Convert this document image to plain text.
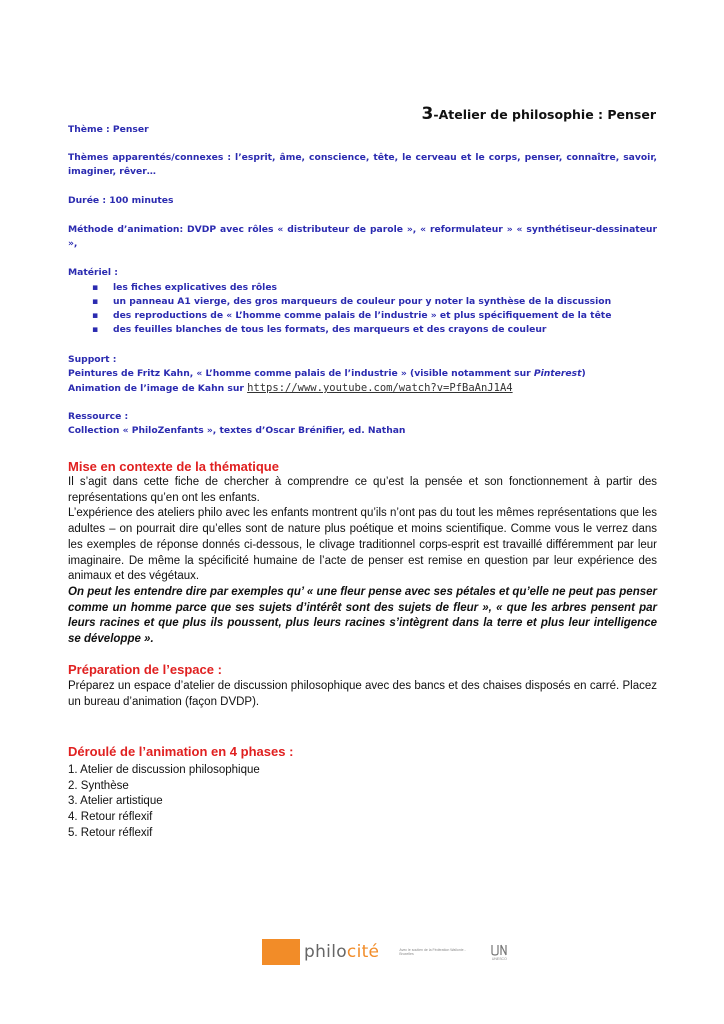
3-Atelier de philosophie : Penser
Thème : Penser
Thèmes apparentés/connexes : l’esprit, âme, conscience, tête, le cerveau et le corps, penser, connaître, savoir, imaginer, rêver…
Durée : 100 minutes
Méthode d’animation: DVDP avec rôles « distributeur de parole », « reformulateur » « synthétiseur-dessinateur »,
Matériel :
▪ les fiches explicatives des rôles
▪ un panneau A1 vierge, des gros marqueurs de couleur pour y noter la synthèse de la discussion
▪ des reproductions de « L’homme comme palais de l’industrie » et plus spécifiquement de la tête
▪ des feuilles blanches de tous les formats, des marqueurs et des crayons de couleur

Support :

Peintures de Fritz Kahn, « L’homme comme palais de l’industrie » (visible notamment sur Pinterest)

Animation de l’image de Kahn sur https://www.youtube.com/watch?v=PfBaAnJ1A4

Ressource :

Collection « PhiloZenfants », textes d’Oscar Brénifier, ed. Nathan

Mise en contexte de la thématique

Il s’agit dans cette fiche de chercher à comprendre ce qu’est la pensée et son fonctionnement à partir des représentations qu’en ont les enfants.

L’expérience des ateliers philo avec les enfants montrent qu’ils n’ont pas du tout les mêmes représentations que les adultes – on pourrait dire qu’elles sont de nature plus poétique et moins scientifique. Comme vous le verrez dans les exemples de réponse donnés ci-dessous, le clivage traditionnel corps-esprit est travaillé différemment par leur imaginaire. De même la spécificité humaine de l’acte de penser est remise en question par leur expérience des animaux et des végétaux.

On peut les entendre dire par exemples qu’ « une fleur pense avec ses pétales et qu’elle ne peut pas penser comme un homme parce que ses sujets d’intérêt sont des sujets de fleur », « que les arbres pensent par leurs racines et que plus ils poussent, plus leurs racines s’intègrent dans la terre et plus leur intelligence se développe ».

Préparation de l’espace :

Préparez un espace d’atelier de discussion philosophique avec des bancs et des chaises disposés en carré. Placez un bureau d’animation (façon DVDP).

Déroulé de l’animation en 4 phases :
1. Atelier de discussion philosophique
2. Synthèse
3. Atelier artistique
4. Retour réflexif
5. Retour réflexif
philocité	Avec le soutien de la Fédération Wallonie - Bruxelles
UNESCO
